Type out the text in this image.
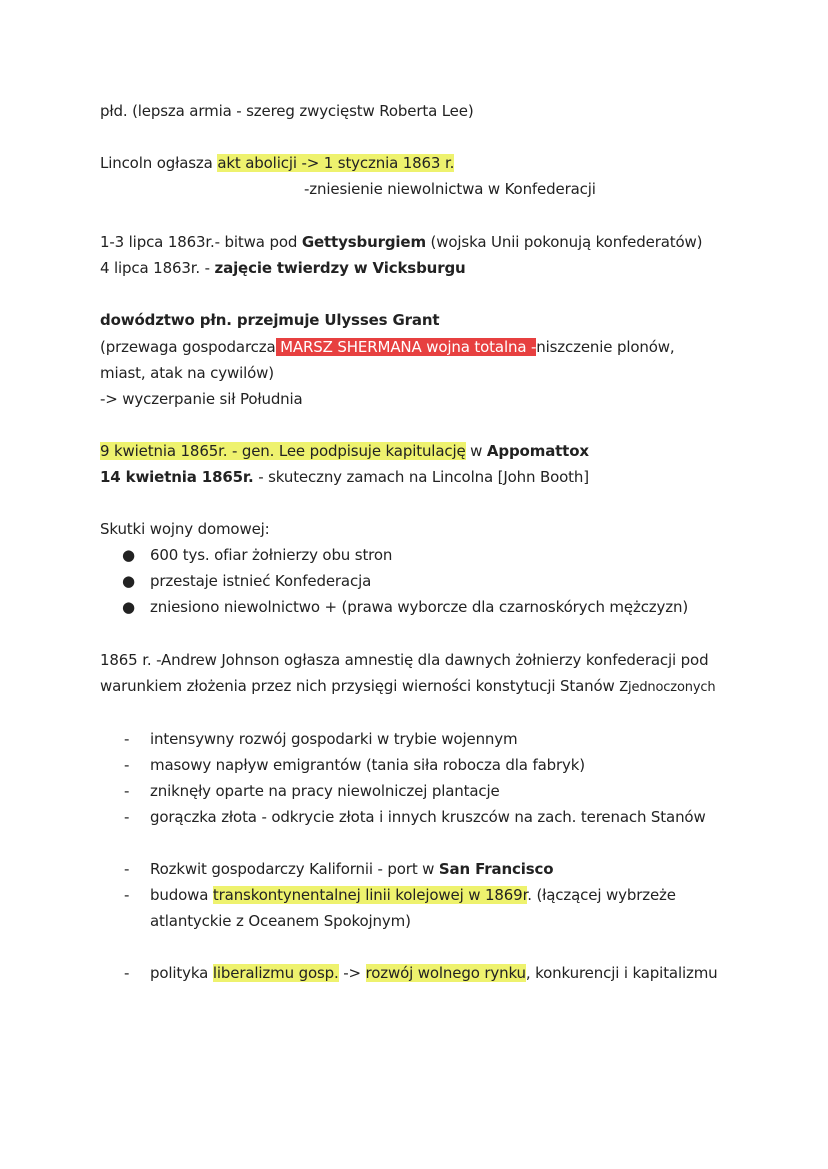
płd. (lepsza armia - szereg zwycięstw Roberta Lee)
Lincoln ogłasza akt abolicji -> 1 stycznia 1863 r.
-zniesienie niewolnictwa w Konfederacji
1-3 lipca 1863r.- bitwa pod Gettysburgiem (wojska Unii pokonują konfederatów)
4 lipca 1863r. - zajęcie twierdzy w Vicksburgu
dowództwo płn. przejmuje Ulysses Grant
(przewaga gospodarcza MARSZ SHERMANA wojna totalna -niszczenie plonów,
miast, atak na cywilów)
-> wyczerpanie sił Południa
9 kwietnia 1865r. - gen. Lee podpisuje kapitulację w Appomattox
14 kwietnia 1865r. - skuteczny zamach na Lincolna [John Booth]
Skutki wojny domowej:
● 600 tys. ofiar żołnierzy obu stron
● przestaje istnieć Konfederacja
● zniesiono niewolnictwo + (prawa wyborcze dla czarnoskórych mężczyzn)
1865 r. -Andrew Johnson ogłasza amnestię dla dawnych żołnierzy konfederacji pod
warunkiem złożenia przez nich przysięgi wierności konstytucji Stanów Zjednoczonych
- intensywny rozwój gospodarki w trybie wojennym
- masowy napływ emigrantów (tania siła robocza dla fabryk)
- zniknęły oparte na pracy niewolniczej plantacje
- gorączka złota - odkrycie złota i innych kruszców na zach. terenach Stanów
- Rozkwit gospodarczy Kalifornii - port w San Francisco
- budowa transkontynentalnej linii kolejowej w 1869r. (łączącej wybrzeże
atlantyckie z Oceanem Spokojnym)
- polityka liberalizmu gosp. -> rozwój wolnego rynku, konkurencji i kapitalizmu
